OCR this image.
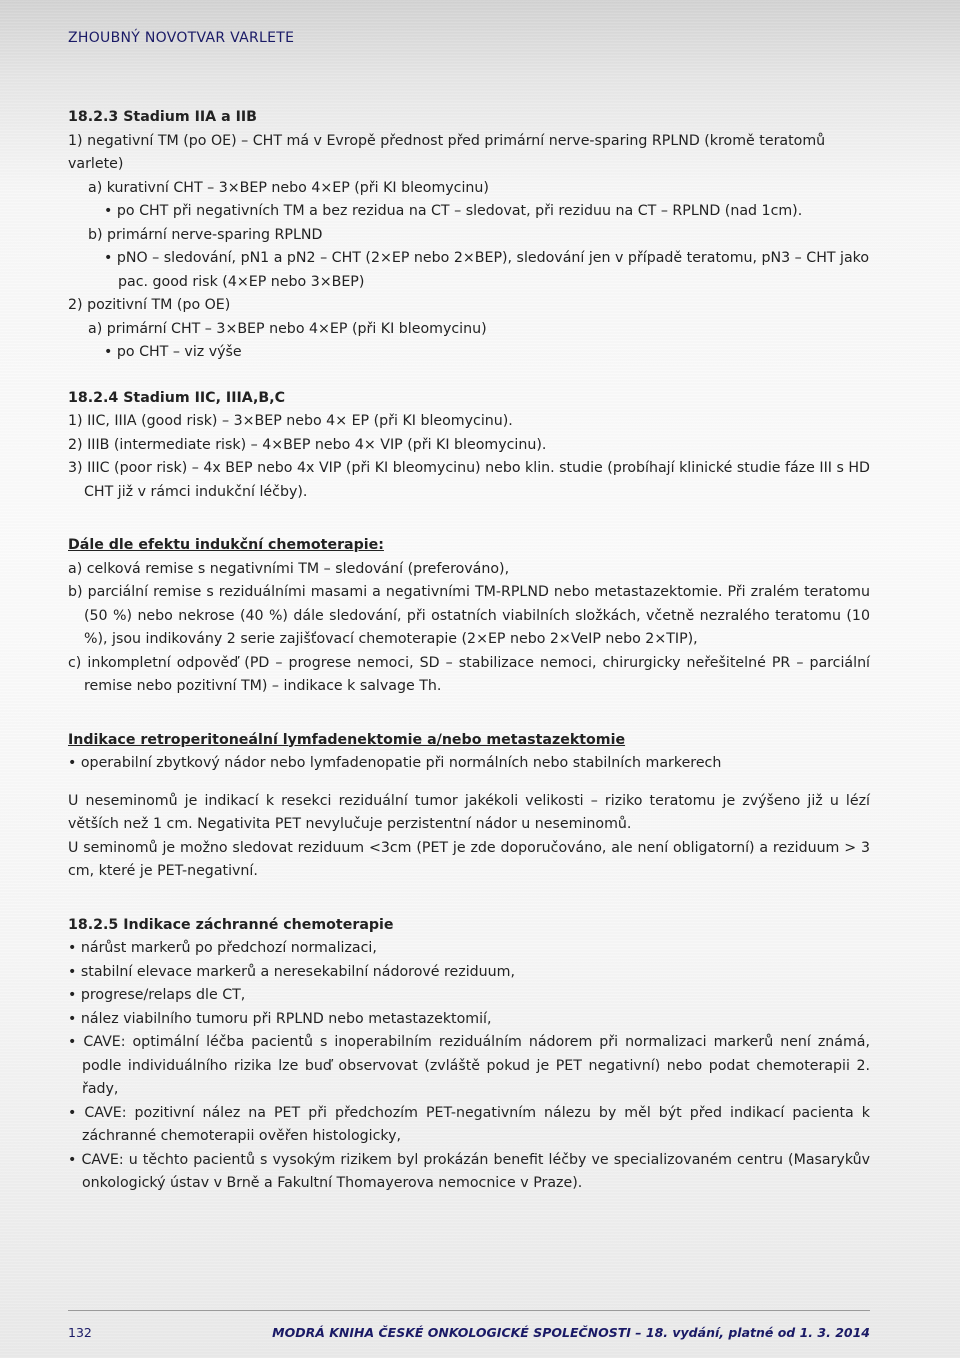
ZHOUBNÝ NOVOTVAR VARLETE

18.2.3 Stadium IIA a IIB

1) negativní TM (po OE) – CHT má v Evropě přednost před primární nerve-sparing RPLND (kromě teratomů varlete)

a) kurativní CHT – 3×BEP nebo 4×EP (při KI bleomycinu)

• po CHT při negativních TM a bez rezidua na CT – sledovat, při reziduu na CT – RPLND (nad 1cm).

b) primární nerve-sparing RPLND

• pNO – sledování, pN1 a pN2 – CHT (2×EP nebo 2×BEP), sledování jen v případě teratomu, pN3 – CHT jako pac. good risk (4×EP nebo 3×BEP)

2) pozitivní TM (po OE)

a) primární CHT – 3×BEP nebo 4×EP (při KI bleomycinu)

• po CHT – viz výše

18.2.4 Stadium IIC, IIIA,B,C

1) IIC, IIIA (good risk) – 3×BEP nebo 4× EP (při KI bleomycinu).

2) IIIB (intermediate risk) – 4×BEP nebo 4× VIP (při KI bleomycinu).

3) IIIC (poor risk) – 4x BEP nebo 4x VIP (při KI bleomycinu) nebo klin. studie (probíhají klinické studie fáze III s HD CHT již v rámci indukční léčby).

Dále dle efektu indukční chemoterapie:

a) celková remise s negativními TM – sledování (preferováno),

b) parciální remise s reziduálními masami a negativními TM-RPLND nebo metastazektomie. Při zralém teratomu (50 %) nebo nekrose (40 %) dále sledování, při ostatních viabilních složkách, včetně nezralého teratomu (10 %), jsou indikovány 2 serie zajišťovací chemoterapie (2×EP nebo 2×VeIP nebo 2×TIP),

c) inkompletní odpověď (PD – progrese nemoci, SD – stabilizace nemoci, chirurgicky neřešitelné PR – parciální remise nebo pozitivní TM) – indikace k salvage Th.

Indikace retroperitoneální lymfadenektomie a/nebo metastazektomie

• operabilní zbytkový nádor nebo lymfadenopatie při normálních nebo stabilních markerech

U neseminomů je indikací k resekci reziduální tumor jakékoli velikosti – riziko teratomu je zvýšeno již u lézí větších než 1 cm. Negativita PET nevylučuje perzistentní nádor u neseminomů.

U seminomů je možno sledovat reziduum <3cm (PET je zde doporučováno, ale není obligatorní) a reziduum > 3 cm, které je PET-negativní.

18.2.5 Indikace záchranné chemoterapie

• nárůst markerů po předchozí normalizaci,

• stabilní elevace markerů a neresekabilní nádorové reziduum,

• progrese/relaps dle CT,

• nález viabilního tumoru při RPLND nebo metastazektomií,

• CAVE: optimální léčba pacientů s inoperabilním reziduálním nádorem při normalizaci markerů není známá, podle individuálního rizika lze buď observovat (zvláště pokud je PET negativní) nebo podat chemoterapii 2. řady,

• CAVE: pozitivní nález na PET při předchozím PET-negativním nálezu by měl být před indikací pacienta k záchranné chemoterapii ověřen histologicky,

• CAVE: u těchto pacientů s vysokým rizikem byl prokázán benefit léčby ve specializovaném centru (Masarykův onkologický ústav v Brně a Fakultní Thomayerova nemocnice v Praze).

132	MODRÁ KNIHA ČESKÉ ONKOLOGICKÉ SPOLEČNOSTI – 18. vydání, platné od 1. 3. 2014
